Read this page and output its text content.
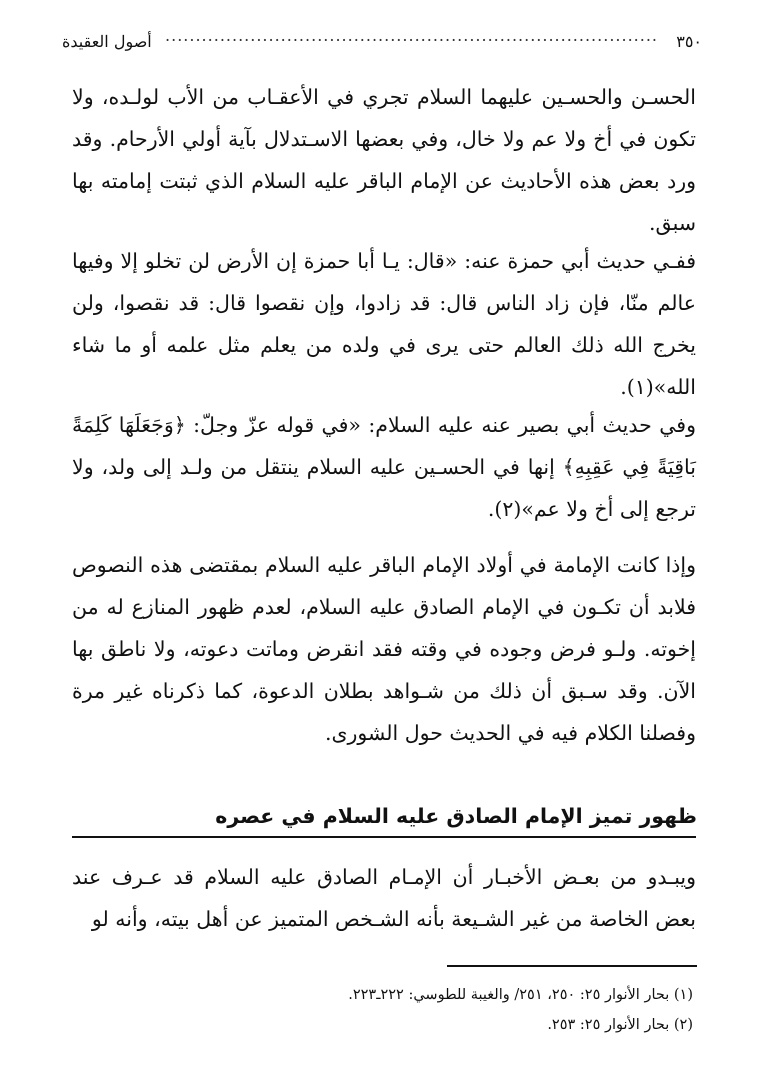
٣٥٠
.....
أصول العقيدة
الحسـن والحسـين عليهما السلام تجري في الأعقـاب من الأب لولـده، ولا تكون في أخ ولا عم ولا خال، وفي بعضها الاسـتدلال بآية أولي الأرحام. وقد ورد بعض هذه الأحاديث عن الإمام الباقر عليه السلام الذي ثبتت إمامته بها سبق.
ففـي حديث أبي حمزة عنه: «قال: يـا أبا حمزة إن الأرض لن تخلو إلا وفيها عالم منّا، فإن زاد الناس قال: قد زادوا، وإن نقصوا قال: قد نقصوا، ولن يخرج الله ذلك العالم حتى يرى في ولده من يعلم مثل علمه أو ما شاء الله»(١).
وفي حديث أبي بصير عنه عليه السلام: «في قوله عزّ وجلّ: ﴿وَجَعَلَهَا كَلِمَةً بَاقِيَةً فِي عَقِبِهِ﴾ إنها في الحسـين عليه السلام ينتقل من ولـد إلى ولد، ولا ترجع إلى أخ ولا عم»(٢).
وإذا كانت الإمامة في أولاد الإمام الباقر عليه السلام بمقتضى هذه النصوص فلابد أن تكـون في الإمام الصادق عليه السلام، لعدم ظهور المنازع له من إخوته. ولـو فرض وجوده في وقته فقد انقرض وماتت دعوته، ولا ناطق بها الآن. وقد سـبق أن ذلك من شـواهد بطلان الدعوة، كما ذكرناه غير مرة وفصلنا الكلام فيه في الحديث حول الشورى.
ظهور تميز الإمام الصادق عليه السلام في عصره
ويبـدو من بعـض الأخبـار أن الإمـام الصادق عليه السلام قد عـرف عند بعض الخاصة من غير الشـيعة بأنه الشـخص المتميز عن أهل بيته، وأنه لو
(١) بحار الأنوار ٢٥: ٢٥٠، ٢٥١/ والغيبة للطوسي: ٢٢٢ـ٢٢٣.
(٢) بحار الأنوار ٢٥: ٢٥٣.
